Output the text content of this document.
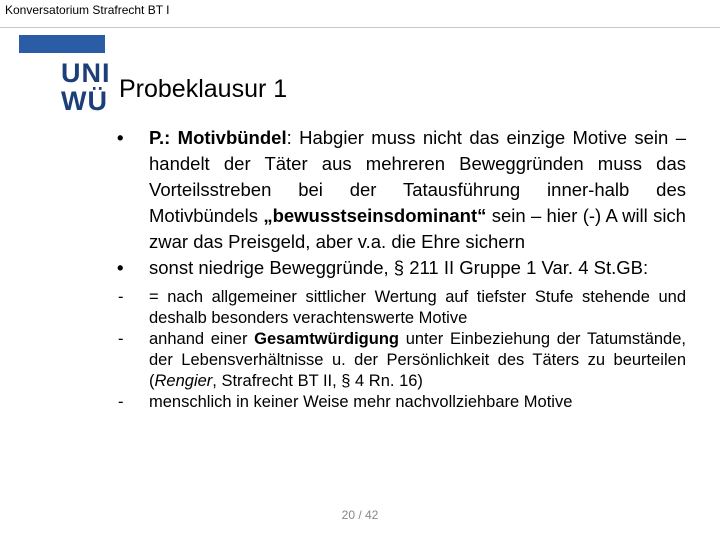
Konversatorium Strafrecht BT I
UNI
WÜ Probeklausur 1
• P.: Motivbündel: Habgier muss nicht das einzige Motive sein – handelt der Täter aus mehreren Beweggründen muss das Vorteilsstreben bei der Tatausführung inner-halb des Motivbündels „bewusstseinsdominant“ sein – hier (-) A will sich zwar das Preisgeld, aber v.a. die Ehre sichern
• sonst niedrige Beweggründe, § 211 II Gruppe 1 Var. 4 St.GB:
- = nach allgemeiner sittlicher Wertung auf tiefster Stufe stehende und deshalb besonders verachtenswerte Motive
- anhand einer Gesamtwürdigung unter Einbeziehung der Tatumstände, der Lebensverhältnisse u. der Persönlichkeit des Täters zu beurteilen (Rengier, Strafrecht BT II, § 4 Rn. 16)
- menschlich in keiner Weise mehr nachvollziehbare Motive
20 / 42
